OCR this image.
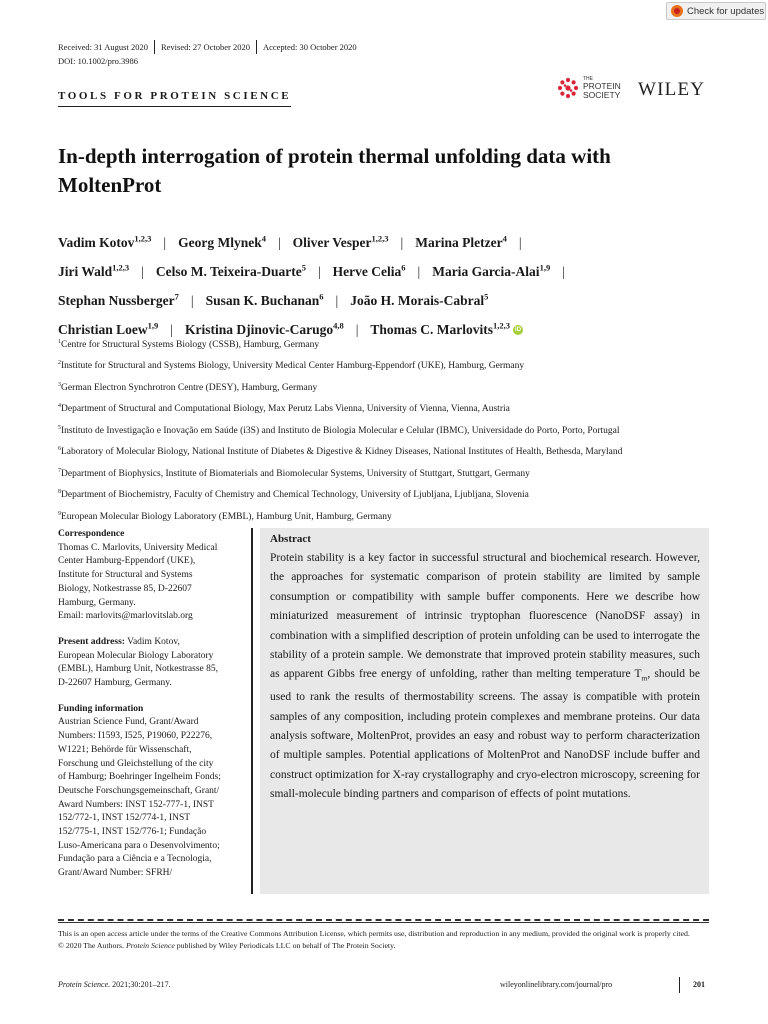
Check for updates
Received: 31 August 2020 Revised: 27 October 2020 Accepted: 30 October 2020
DOI: 10.1002/pro.3986
TOOLS FOR PROTEIN SCIENCE
THE
PROTEIN
SOCIETY WILEY
In-depth interrogation of protein thermal unfolding data with MoltenProt
Vadim Kotov$^{1,2,3}$ | Georg Mlynek$^4$ | Oliver Vesper$^{1,2,3}$ | Marina Pletzer$^4$ |
Jiri Wald$^{1,2,3}$ | Celso M. Teixeira-Duarte$^5$ | Herve Celia$^6$ | Maria Garcia-Alai$^{1,9}$ |
Stephan Nussberger$^7$ | Susan K. Buchanan$^6$ | João H. Morais-Cabral$^5$
Christian Loew$^{1,9}$ | Kristina Djinovic-Carugo$^{4,8}$ | Thomas C. Marlovits$^{1,2,3}$iD
$^1$Centre for Structural Systems Biology (CSSB), Hamburg, Germany
$^2$Institute for Structural and Systems Biology, University Medical Center Hamburg-Eppendorf (UKE), Hamburg, Germany
$^3$German Electron Synchrotron Centre (DESY), Hamburg, Germany
$^4$Department of Structural and Computational Biology, Max Perutz Labs Vienna, University of Vienna, Vienna, Austria
$^5$Instituto de Investigação e Inovação em Saúde (i3S) and Instituto de Biologia Molecular e Celular (IBMC), Universidade do Porto, Porto, Portugal
$^6$Laboratory of Molecular Biology, National Institute of Diabetes & Digestive & Kidney Diseases, National Institutes of Health, Bethesda, Maryland
$^7$Department of Biophysics, Institute of Biomaterials and Biomolecular Systems, University of Stuttgart, Stuttgart, Germany
$^8$Department of Biochemistry, Faculty of Chemistry and Chemical Technology, University of Ljubljana, Ljubljana, Slovenia
$^9$European Molecular Biology Laboratory (EMBL), Hamburg Unit, Hamburg, Germany
Correspondence
Thomas C. Marlovits, University Medical
Center Hamburg-Eppendorf (UKE),
Institute for Structural and Systems
Biology, Notkestrasse 85, D-22607
Hamburg, Germany.
Email: marlovits@marlovitslab.org
Present address: Vadim Kotov,
European Molecular Biology Laboratory
(EMBL), Hamburg Unit, Notkestrasse 85,
D-22607 Hamburg, Germany.
Funding information
Austrian Science Fund, Grant/Award
Numbers: I1593, I525, P19060, P22276,
W1221; Behörde für Wissenschaft,
Forschung und Gleichstellung of the city
of Hamburg; Boehringer Ingelheim Fonds;
Deutsche Forschungsgemeinschaft, Grant/
Award Numbers: INST 152-777-1, INST
152/772-1, INST 152/774-1, INST
152/775-1, INST 152/776-1; Fundação
Luso-Americana para o Desenvolvimento;
Fundação para a Ciência e a Tecnologia,
Grant/Award Number: SFRH/
Abstract

Protein stability is a key factor in successful structural and biochemical research. However, the approaches for systematic comparison of protein stability are limited by sample consumption or compatibility with sample buffer components. Here we describe how miniaturized measurement of intrinsic tryptophan fluorescence (NanoDSF assay) in combination with a simplified description of protein unfolding can be used to interrogate the stability of a protein sample. We demonstrate that improved protein stability measures, such as apparent Gibbs free energy of unfolding, rather than melting temperature $T_m$, should be used to rank the results of thermostability screens. The assay is compatible with protein samples of any composition, including protein complexes and membrane proteins. Our data analysis software, MoltenProt, provides an easy and robust way to perform characterization of multiple samples. Potential applications of MoltenProt and NanoDSF include buffer and construct optimization for X-ray crystallography and cryo-electron microscopy, screening for small-molecule binding partners and comparison of effects of point mutations.

This is an open access article under the terms of the Creative Commons Attribution License, which permits use, distribution and reproduction in any medium, provided the original work is properly cited.
© 2020 The Authors. Protein Science published by Wiley Periodicals LLC on behalf of The Protein Society.
Protein Science. 2021;30:201–217.	wileyonlinelibrary.com/journal/pro	201
